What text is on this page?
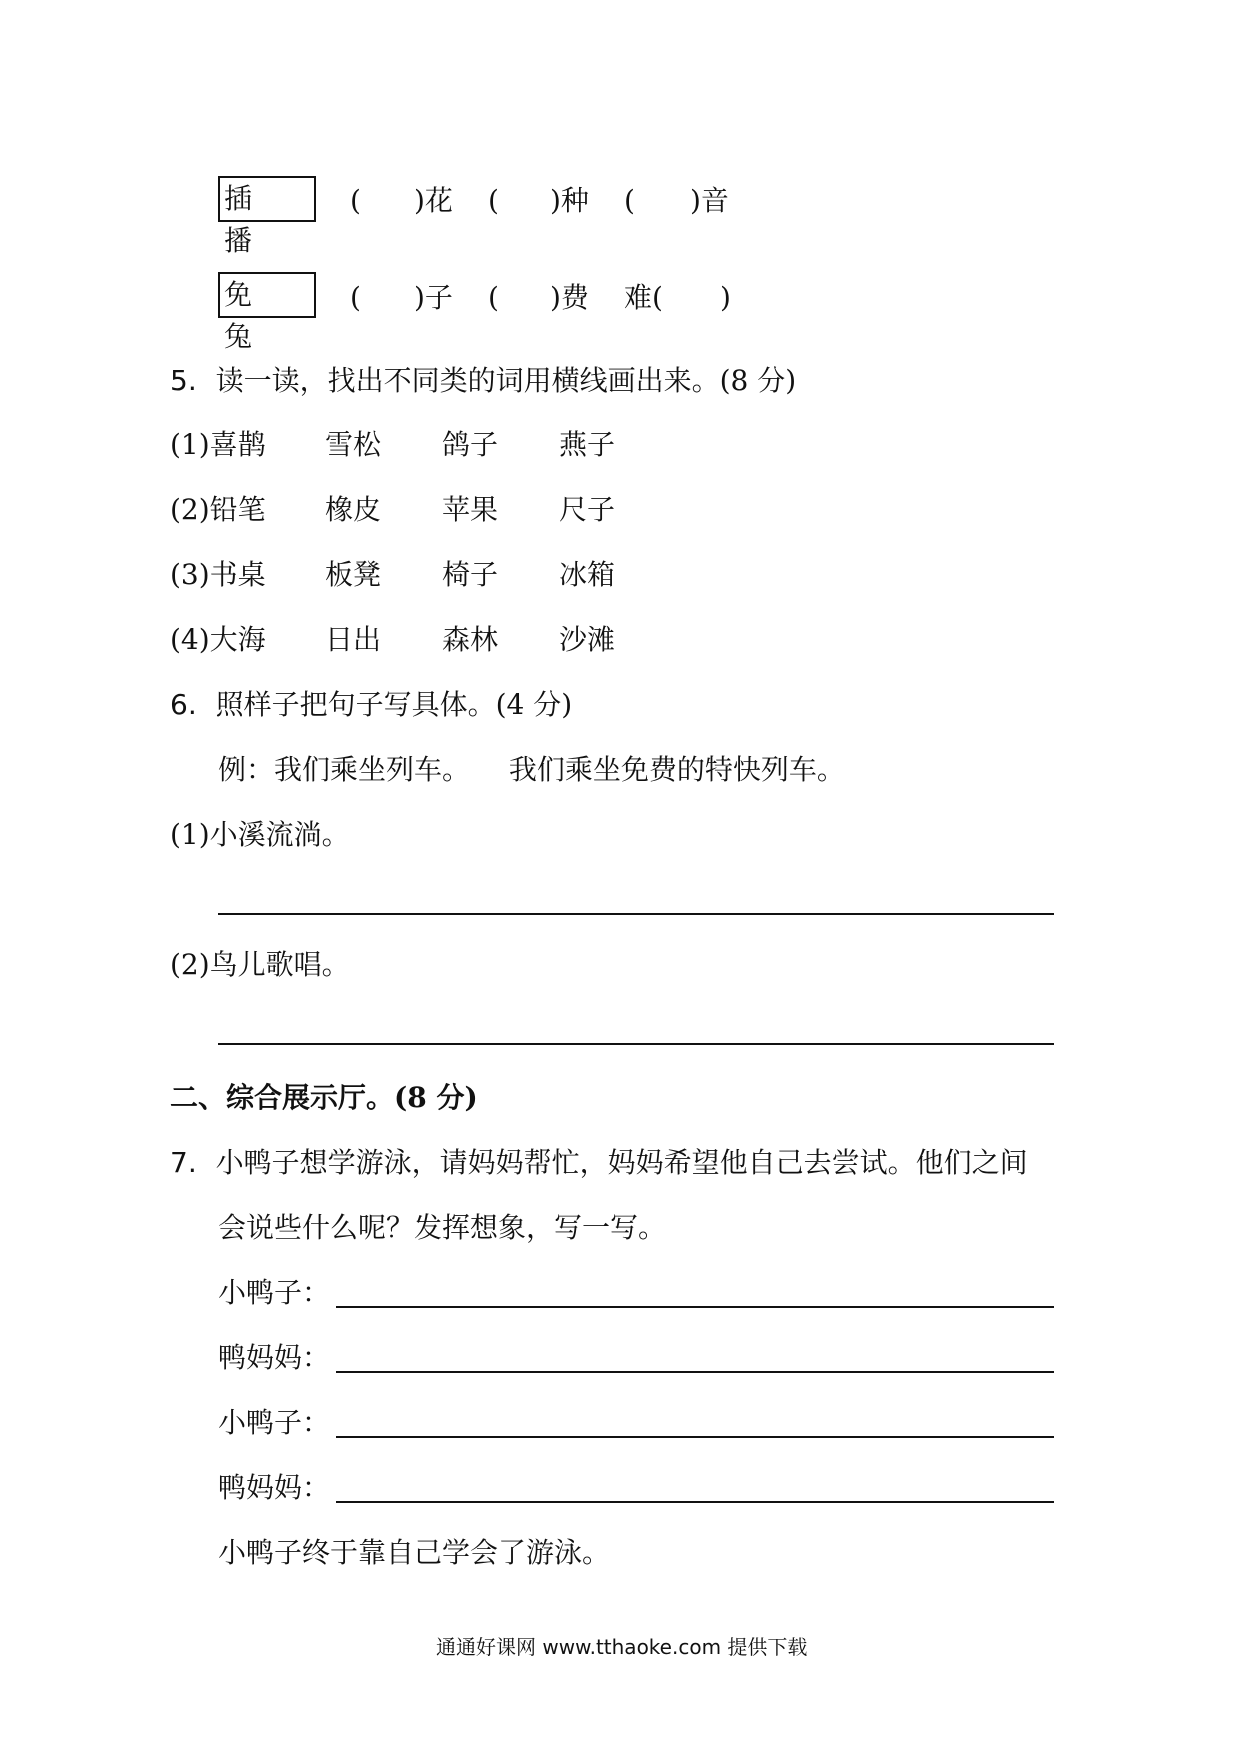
插播
( )花 ( )种 ( )音
免兔
( )子 ( )费 难( )
5. 读一读，找出不同类的词用横线画出来。(8 分)
(1)喜鹊 雪松 鸽子 燕子
(2)铅笔 橡皮 苹果 尺子
(3)书桌 板凳 椅子 冰箱
(4)大海 日出 森林 沙滩
6. 照样子把句子写具体。(4 分)
例：我们乘坐列车。 我们乘坐免费的特快列车。
(1)小溪流淌。
(2)鸟儿歌唱。
二、综合展示厅。(8 分)
7. 小鸭子想学游泳，请妈妈帮忙，妈妈希望他自己去尝试。他们之间
会说些什么呢？发挥想象，写一写。
小鸭子：
鸭妈妈：
小鸭子：
鸭妈妈：
小鸭子终于靠自己学会了游泳。
通通好课网 www.tthaoke.com 提供下载
